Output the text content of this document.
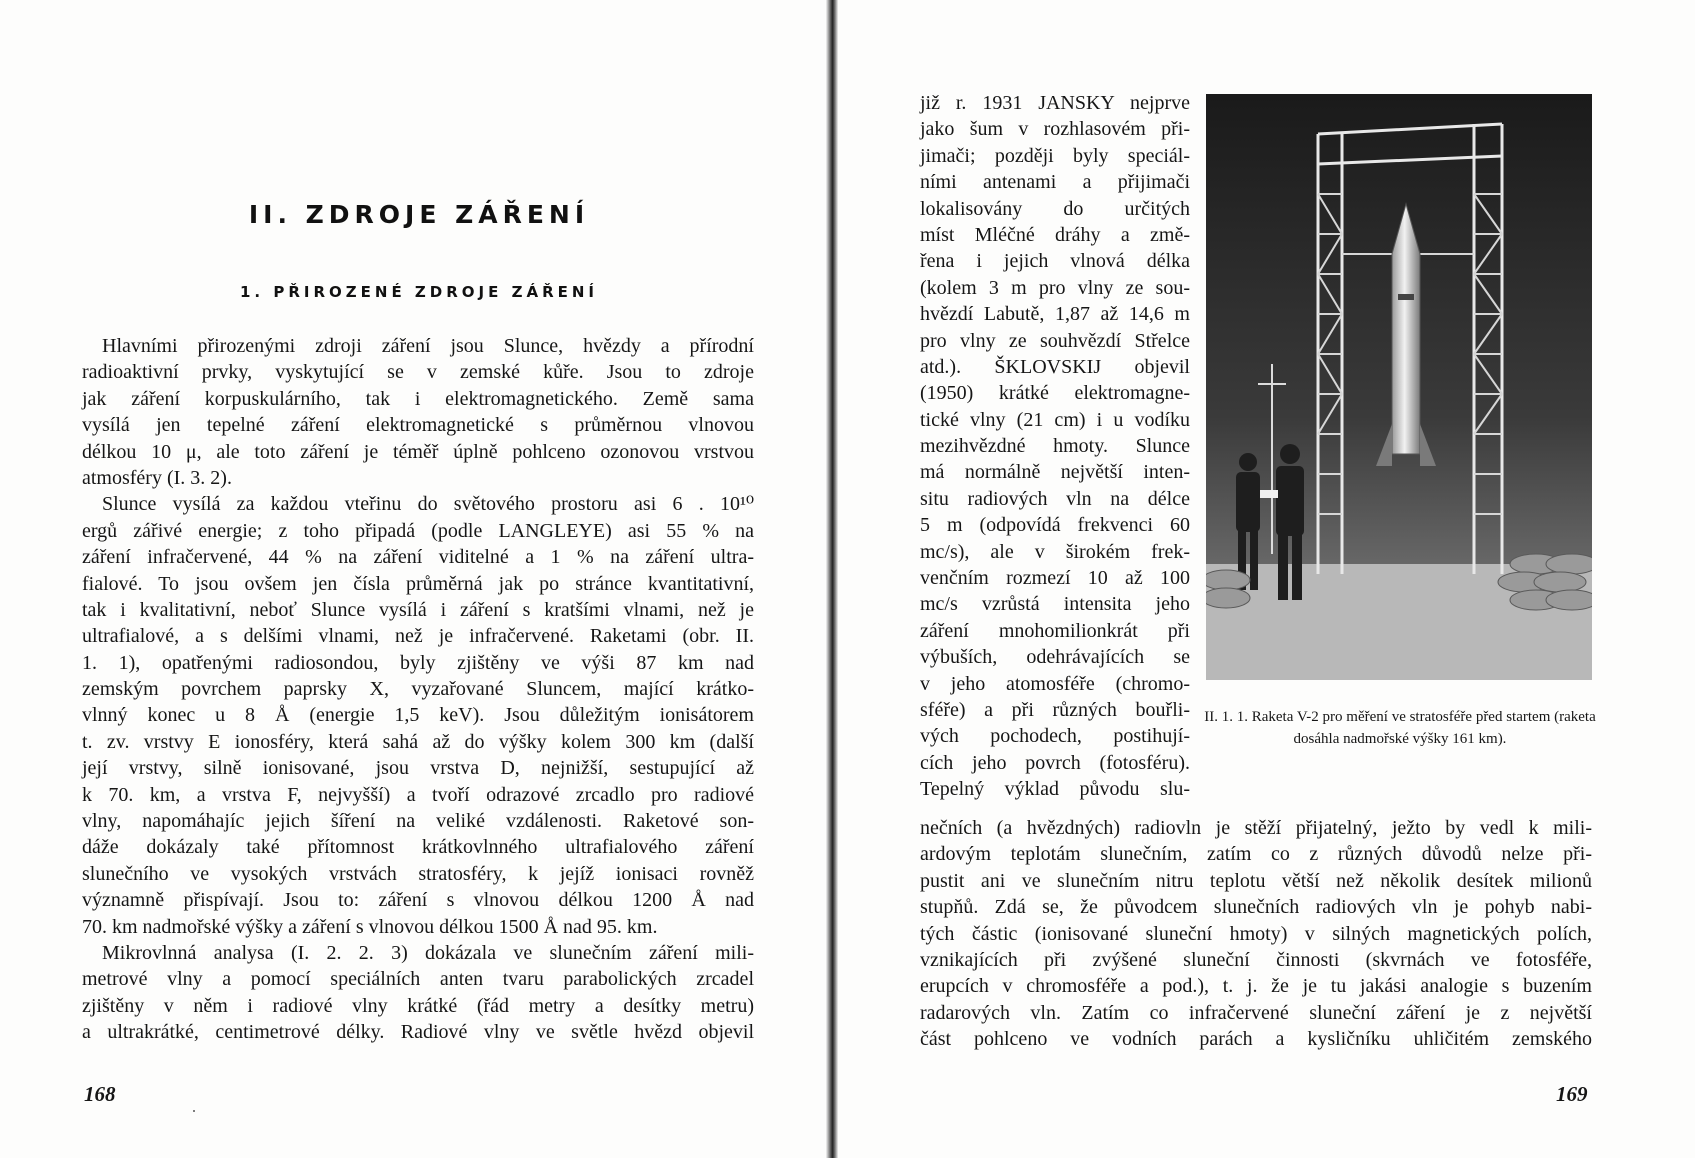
II. ZDROJE ZÁŘENÍ
1. PŘIROZENÉ ZDROJE ZÁŘENÍ
Hlavními přirozenými zdroji záření jsou Slunce, hvězdy a přírodní
radioaktivní prvky, vyskytující se v zemské kůře. Jsou to zdroje
jak záření korpuskulárního, tak i elektromagnetického. Země sama
vysílá jen tepelné záření elektromagnetické s průměrnou vlnovou
délkou 10 μ, ale toto záření je téměř úplně pohlceno ozonovou vrstvou
atmosféry (I. 3. 2).
Slunce vysílá za každou vteřinu do světového prostoru asi 6 . 10¹⁰
ergů zářivé energie; z toho připadá (podle LANGLEYE) asi 55 % na
záření infračervené, 44 % na záření viditelné a 1 % na záření ultra-
fialové. To jsou ovšem jen čísla průměrná jak po stránce kvantitativní,
tak i kvalitativní, neboť Slunce vysílá i záření s kratšími vlnami, než je
ultrafialové, a s delšími vlnami, než je infračervené. Raketami (obr. II.
1. 1), opatřenými radiosondou, byly zjištěny ve výši 87 km nad
zemským povrchem paprsky X, vyzařované Sluncem, mající krátko-
vlnný konec u 8 Å (energie 1,5 keV). Jsou důležitým ionisátorem
t. zv. vrstvy E ionosféry, která sahá až do výšky kolem 300 km (další
její vrstvy, silně ionisované, jsou vrstva D, nejnižší, sestupující až
k 70. km, a vrstva F, nejvyšší) a tvoří odrazové zrcadlo pro radiové
vlny, napomáhajíc jejich šíření na veliké vzdálenosti. Raketové son-
dáže dokázaly také přítomnost krátkovlnného ultrafialového záření
slunečního ve vysokých vrstvách stratosféry, k jejíž ionisaci rovněž
významně přispívají. Jsou to: záření s vlnovou délkou 1200 Å nad
70. km nadmořské výšky a záření s vlnovou délkou 1500 Å nad 95. km.
Mikrovlnná analysa (I. 2. 2. 3) dokázala ve slunečním záření mili-
metrové vlny a pomocí speciálních anten tvaru parabolických zrcadel
zjištěny v něm i radiové vlny krátké (řád metry a desítky metru)
a ultrakrátké, centimetrové délky. Radiové vlny ve světle hvězd objevil
168
již r. 1931 JANSKY nejprve
jako šum v rozhlasovém při-
jimači; později byly speciál-
ními antenami a přijimači
lokalisovány do určitých
míst Mléčné dráhy a změ-
řena i jejich vlnová délka
(kolem 3 m pro vlny ze sou-
hvězdí Labutě, 1,87 až 14,6 m
pro vlny ze souhvězdí Střelce
atd.). ŠKLOVSKIJ objevil
(1950) krátké elektromagne-
tické vlny (21 cm) i u vodíku
mezihvězdné hmoty. Slunce
má normálně největší inten-
situ radiových vln na délce
5 m (odpovídá frekvenci 60
mc/s), ale v širokém frek-
venčním rozmezí 10 až 100
mc/s vzrůstá intensita jeho
záření mnohomilionkrát při
výbuších, odehrávajících se
v jeho atomosféře (chromo-
sféře) a při různých bouřli-
vých pochodech, postihují-
cích jeho povrch (fotosféru).
Tepelný výklad původu slu-
II. 1. 1. Raketa V-2 pro měření ve stratosféře před startem (raketa dosáhla nadmořské výšky 161 km).
nečních (a hvězdných) radiovln je stěží přijatelný, ježto by vedl k mili-
ardovým teplotám slunečním, zatím co z různých důvodů nelze při-
pustit ani ve slunečním nitru teplotu větší než několik desítek milionů
stupňů. Zdá se, že původcem slunečních radiových vln je pohyb nabi-
tých částic (ionisované sluneční hmoty) v silných magnetických polích,
vznikajících při zvýšené sluneční činnosti (skvrnách ve fotosféře,
erupcích v chromosféře a pod.), t. j. že je tu jakási analogie s buzením
radarových vln. Zatím co infračervené sluneční záření je z největší
část pohlceno ve vodních parách a kysličníku uhličitém zemského
169
